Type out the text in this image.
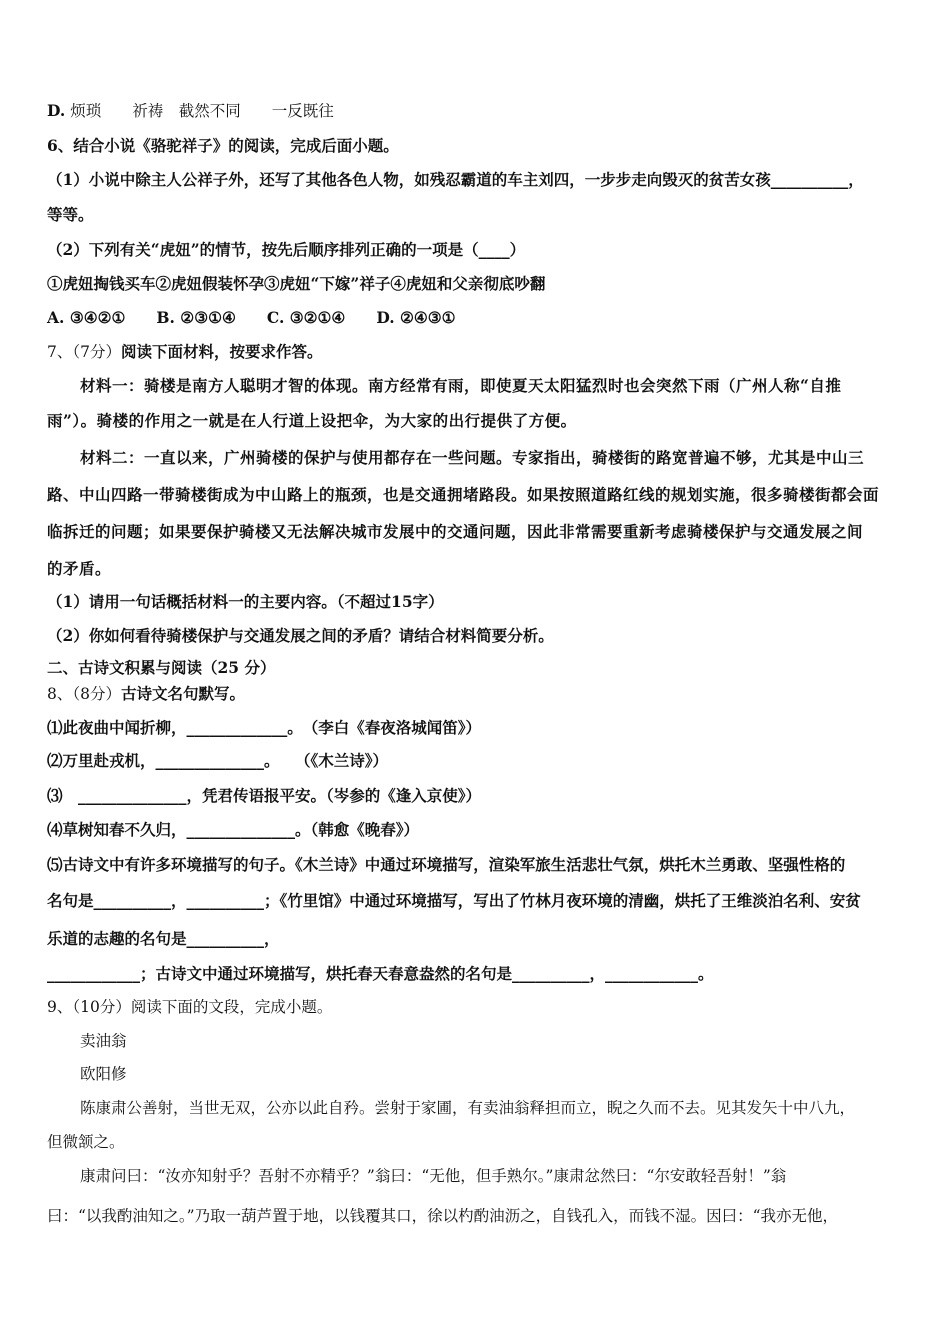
D. 烦琐　　祈祷　截然不同　　一反既往
6、结合小说《骆驼祥子》的阅读，完成后面小题。
（1）小说中除主人公祥子外，还写了其他各色人物，如残忍霸道的车主刘四，一步步走向毁灭的贫苦女孩__________，
等等。
（2）下列有关“虎妞”的情节，按先后顺序排列正确的一项是（____）
①虎妞掏钱买车②虎妞假装怀孕③虎妞“下嫁”祥子④虎妞和父亲彻底吵翻
A. ③④②①　　B. ②③①④　　C. ③②①④　　D. ②④③①
7、（7分）阅读下面材料，按要求作答。
材料一：骑楼是南方人聪明才智的体现。南方经常有雨，即使夏天太阳猛烈时也会突然下雨（广州人称“自推
雨”）。骑楼的作用之一就是在人行道上设把伞，为大家的出行提供了方便。
材料二：一直以来，广州骑楼的保护与使用都存在一些问题。专家指出，骑楼街的路宽普遍不够，尤其是中山三
路、中山四路一带骑楼街成为中山路上的瓶颈，也是交通拥堵路段。如果按照道路红线的规划实施，很多骑楼街都会面
临拆迁的问题；如果要保护骑楼又无法解决城市发展中的交通问题，因此非常需要重新考虑骑楼保护与交通发展之间
的矛盾。
（1）请用一句话概括材料一的主要内容。（不超过15字）
（2）你如何看待骑楼保护与交通发展之间的矛盾？请结合材料简要分析。
二、古诗文积累与阅读（25 分）
8、（8分）古诗文名句默写。
⑴此夜曲中闻折柳，_____________。　（李白《春夜洛城闻笛》）
⑵万里赴戎机，______________。　　（《木兰诗》）
⑶　______________，凭君传语报平安。（岑参的《逢入京使》）
⑷草树知春不久归，______________。（韩愈《晚春》）
⑸古诗文中有许多环境描写的句子。《木兰诗》中通过环境描写，渲染军旅生活悲壮气氛，烘托木兰勇敢、坚强性格的
名句是__________，__________；《竹里馆》中通过环境描写，写出了竹林月夜环境的清幽，烘托了王维淡泊名利、安贫
乐道的志趣的名句是__________，
____________；古诗文中通过环境描写，烘托春天春意盎然的名句是__________，____________。
9、（10分）阅读下面的文段，完成小题。
卖油翁
欧阳修
陈康肃公善射，当世无双，公亦以此自矜。尝射于家圃，有卖油翁释担而立，睨之久而不去。见其发矢十中八九，
但微颔之。
康肃问曰：“汝亦知射乎？吾射不亦精乎？”翁曰：“无他，但手熟尔。”康肃忿然曰：“尔安敢轻吾射！”翁
曰：“以我酌油知之。”乃取一葫芦置于地，以钱覆其口，徐以杓酌油沥之，自钱孔入，而钱不湿。因曰：“我亦无他，
